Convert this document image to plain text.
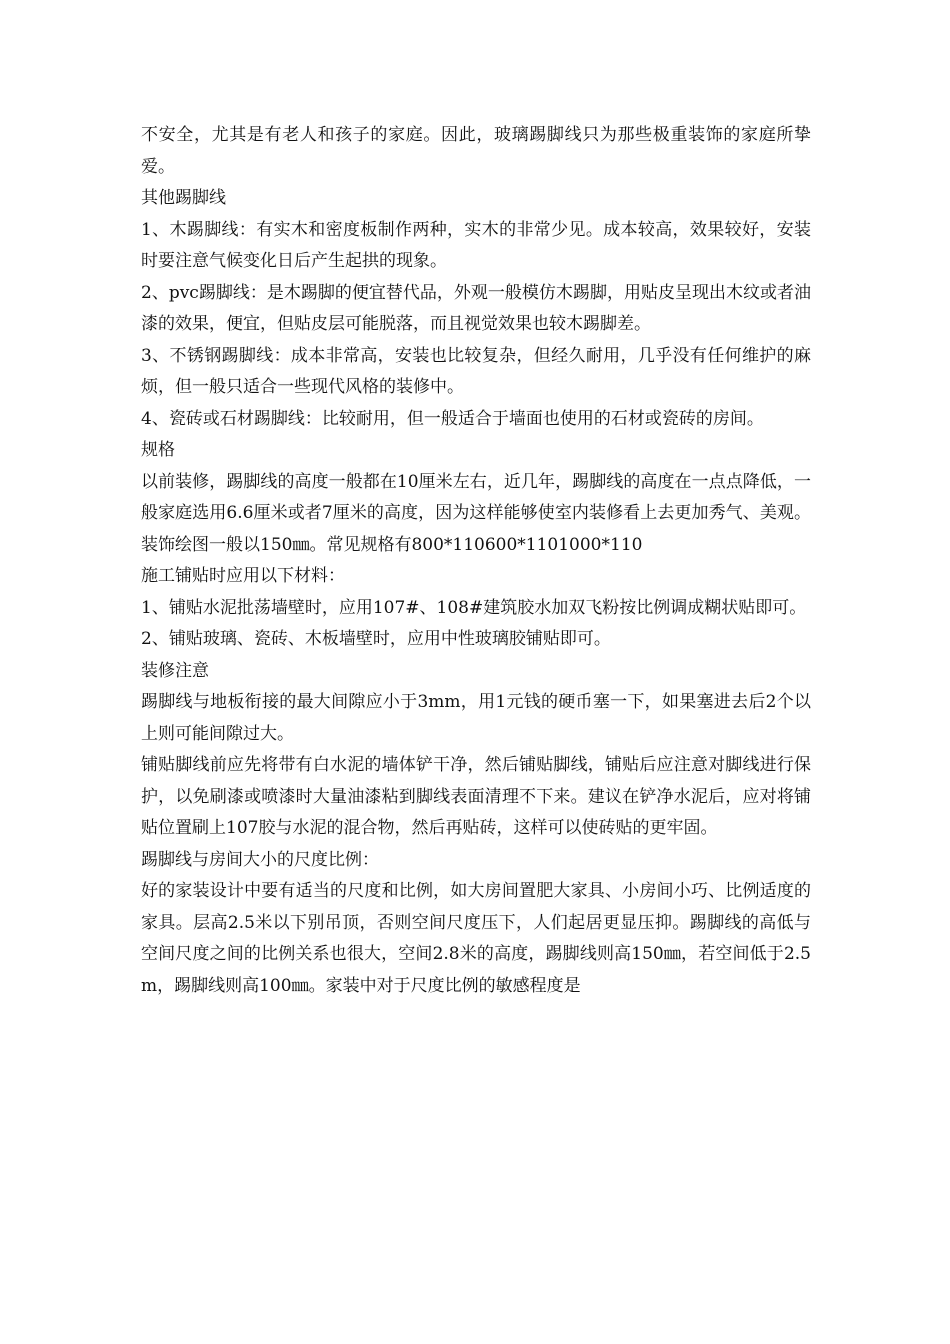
不安全，尤其是有老人和孩子的家庭。因此，玻璃踢脚线只为那些极重装饰的家庭所挚爱。

其他踢脚线

1、木踢脚线：有实木和密度板制作两种，实木的非常少见。成本较高，效果较好，安装时要注意气候变化日后产生起拱的现象。

2、pvc踢脚线：是木踢脚的便宜替代品，外观一般模仿木踢脚，用贴皮呈现出木纹或者油漆的效果，便宜，但贴皮层可能脱落，而且视觉效果也较木踢脚差。

3、不锈钢踢脚线：成本非常高，安装也比较复杂，但经久耐用，几乎没有任何维护的麻烦，但一般只适合一些现代风格的装修中。

4、瓷砖或石材踢脚线：比较耐用，但一般适合于墙面也使用的石材或瓷砖的房间。

规格

以前装修，踢脚线的高度一般都在10厘米左右，近几年，踢脚线的高度在一点点降低，一般家庭选用6.6厘米或者7厘米的高度，因为这样能够使室内装修看上去更加秀气、美观。装饰绘图一般以150㎜。常见规格有800*110600*1101000*110

施工铺贴时应用以下材料：

1、铺贴水泥批荡墙壁时，应用107#、108#建筑胶水加双飞粉按比例调成糊状贴即可。

2、铺贴玻璃、瓷砖、木板墙壁时，应用中性玻璃胶铺贴即可。

装修注意

踢脚线与地板衔接的最大间隙应小于3mm，用1元钱的硬币塞一下，如果塞进去后2个以上则可能间隙过大。

铺贴脚线前应先将带有白水泥的墙体铲干净，然后铺贴脚线，铺贴后应注意对脚线进行保护，以免刷漆或喷漆时大量油漆粘到脚线表面清理不下来。建议在铲净水泥后，应对将铺贴位置刷上107胶与水泥的混合物，然后再贴砖，这样可以使砖贴的更牢固。

踢脚线与房间大小的尺度比例：

好的家装设计中要有适当的尺度和比例，如大房间置肥大家具、小房间小巧、比例适度的家具。层高2.5米以下别吊顶，否则空间尺度压下，人们起居更显压抑。踢脚线的高低与空间尺度之间的比例关系也很大，空间2.8米的高度，踢脚线则高150㎜，若空间低于2.5m，踢脚线则高100㎜。家装中对于尺度比例的敏感程度是
